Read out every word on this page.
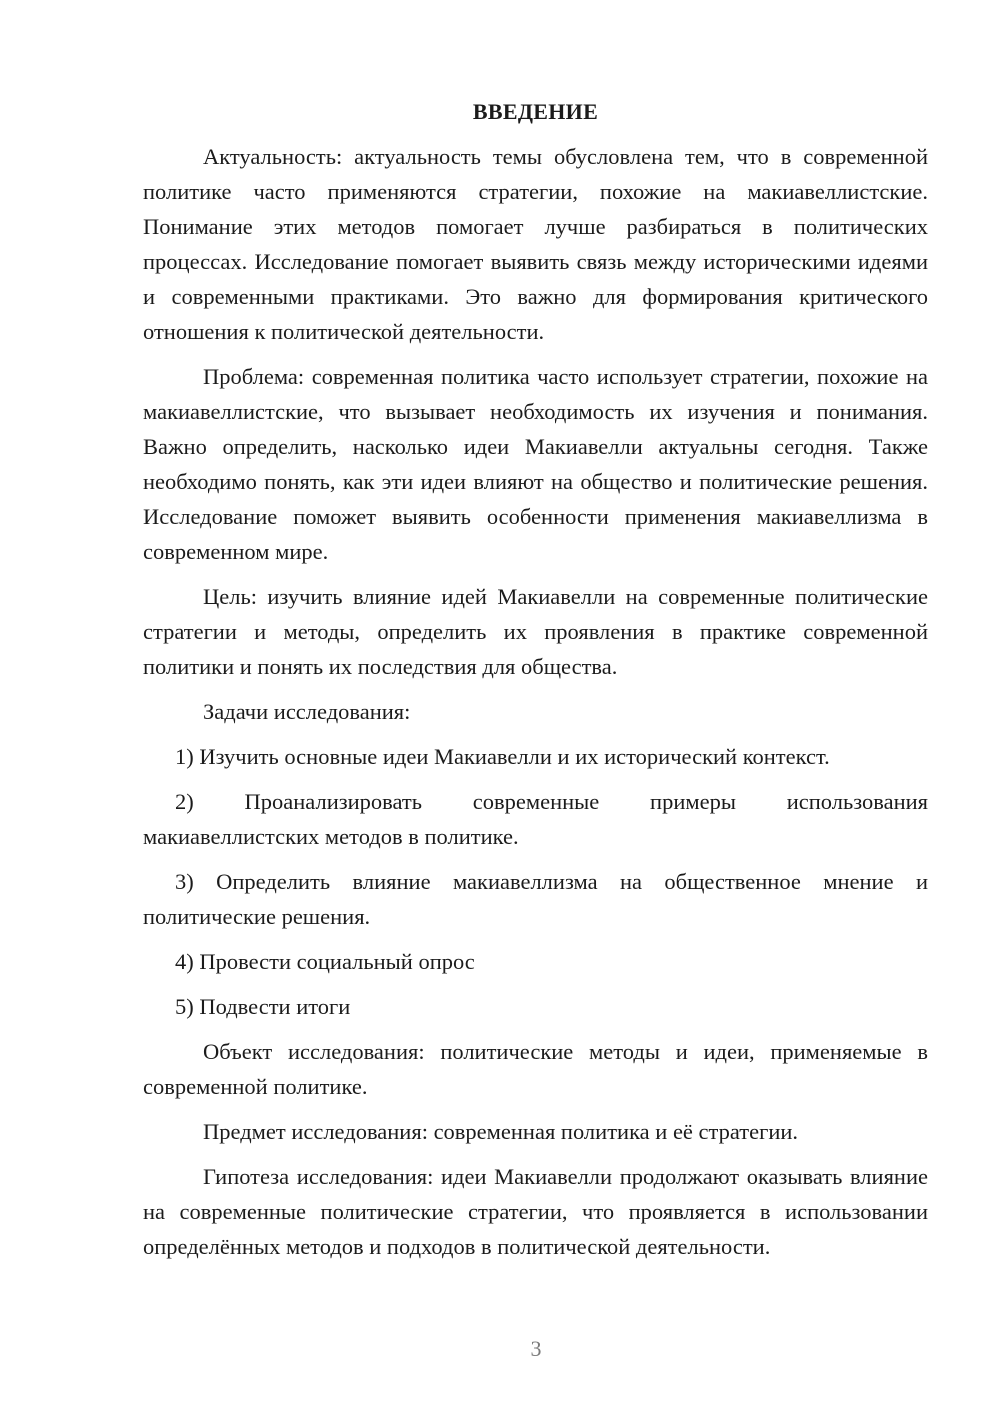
ВВЕДЕНИЕ

Актуальность: актуальность темы обусловлена тем, что в современной политике часто применяются стратегии, похожие на макиавеллистские. Понимание этих методов помогает лучше разбираться в политических процессах. Исследование помогает выявить связь между историческими идеями и современными практиками. Это важно для формирования критического отношения к политической деятельности.

Проблема: современная политика часто использует стратегии, похожие на макиавеллистские, что вызывает необходимость их изучения и понимания. Важно определить, насколько идеи Макиавелли актуальны сегодня. Также необходимо понять, как эти идеи влияют на общество и политические решения. Исследование поможет выявить особенности применения макиавеллизма в современном мире.

Цель: изучить влияние идей Макиавелли на современные политические стратегии и методы, определить их проявления в практике современной политики и понять их последствия для общества.

Задачи исследования:

1) Изучить основные идеи Макиавелли и их исторический контекст.

2) Проанализировать современные примеры использования макиавеллистских методов в политике.

3) Определить влияние макиавеллизма на общественное мнение и политические решения.

4) Провести социальный опрос

5) Подвести итоги

Объект исследования: политические методы и идеи, применяемые в современной политике.

Предмет исследования: современная политика и её стратегии.

Гипотеза исследования: идеи Макиавелли продолжают оказывать влияние на современные политические стратегии, что проявляется в использовании определённых методов и подходов в политической деятельности.

3
